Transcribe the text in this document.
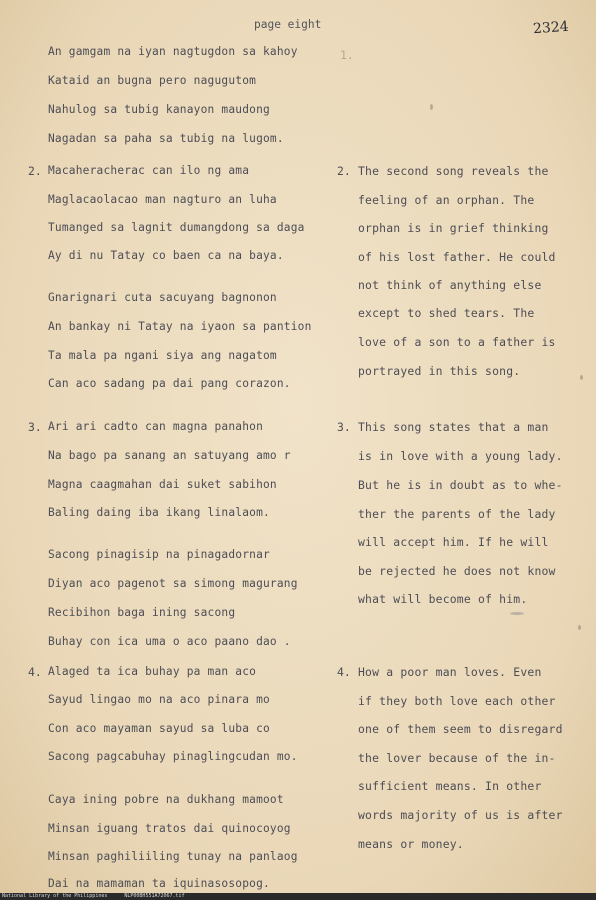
page eight	2324
An gamgam na iyan nagtugdon sa kahoy
Kataid an bugna pero nagugutom
Nahulog sa tubig kanayon maudong
Nagadan sa paha sa tubig na lugom.
2. Macaheracherac can ilo ng ama
Maglacaolacao man nagturo an luha
Tumanged sa lagnit dumangdong sa daga
Ay di nu Tatay co baen ca na baya.
Gnarignari cuta sacuyang bagnonon
An bankay ni Tatay na iyaon sa pantion
Ta mala pa ngani siya ang nagatom
Can aco sadang pa dai pang corazon.
3. Ari ari cadto can magna panahon
Na bago pa sanang an satuyang amo r
Magna caagmahan dai suket sabihon
Baling daing iba ikang linalaom.
Sacong pinagisip na pinagadornar
Diyan aco pagenot sa simong magurang
Recibihon baga ining sacong
Buhay con ica uma o aco paano dao .
4. Alaged ta ica buhay pa man aco
Sayud lingao mo na aco pinara mo
Con aco mayaman sayud sa luba co
Sacong pagcabuhay pinaglingcudan mo.
Caya ining pobre na dukhang mamoot
Minsan iguang tratos dai quinocoyog
Minsan paghiliiling tunay na panlaog
Dai na mamaman ta iquinasosopog.
1.
2. The second song reveals the
feeling of an orphan. The
orphan is in grief thinking
of his lost father. He could
not think of anything else
except to shed tears. The
love of a son to a father is
portrayed in this song.
3. This song states that a man
is in love with a young lady.
But he is in doubt as to whe-
ther the parents of the lady
will accept him. If he will
be rejected he does not know
what will become of him.
4. How a poor man loves. Even
if they both love each other
one of them seem to disregard
the lover because of the in-
sufficient means. In other
words majority of us is after
means or money.
National Library of the Philippines	NLP00BH551A72067.tif
